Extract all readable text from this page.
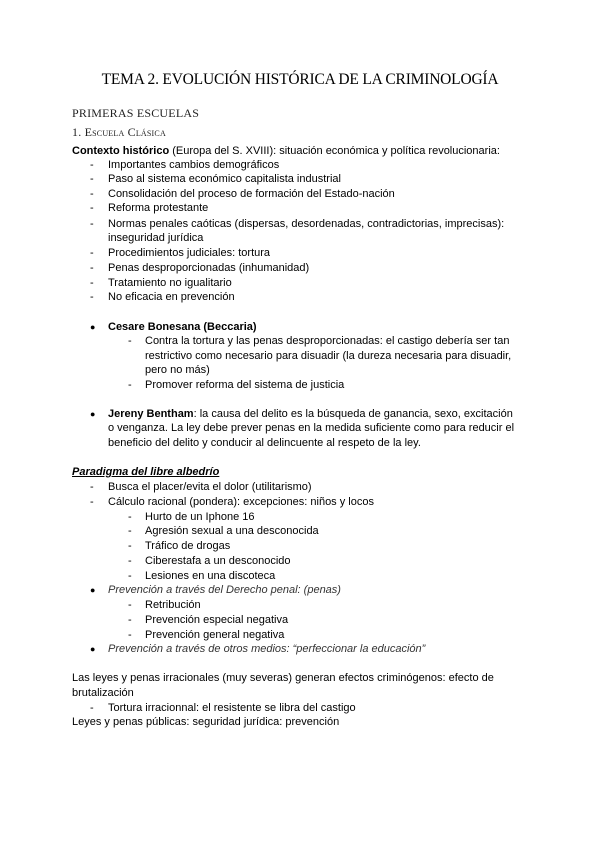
TEMA 2. EVOLUCIÓN HISTÓRICA DE LA CRIMINOLOGÍA
PRIMERAS ESCUELAS
1. Escuela Clásica
Contexto histórico (Europa del S. XVIII): situación económica y política revolucionaria:
- Importantes cambios demográficos
- Paso al sistema económico capitalista industrial
- Consolidación del proceso de formación del Estado-nación
- Reforma protestante
- Normas penales caóticas (dispersas, desordenadas, contradictorias, imprecisas):
inseguridad jurídica
- Procedimientos judiciales: tortura
- Penas desproporcionadas (inhumanidad)
- Tratamiento no igualitario
- No eficacia en prevención
● Cesare Bonesana (Beccaria)
- Contra la tortura y las penas desproporcionadas: el castigo debería ser tan
restrictivo como necesario para disuadir (la dureza necesaria para disuadir,
pero no más)
- Promover reforma del sistema de justicia
● Jereny Bentham: la causa del delito es la búsqueda de ganancia, sexo, excitación
o venganza. La ley debe prever penas en la medida suficiente como para reducir el
beneficio del delito y conducir al delincuente al respeto de la ley.
Paradigma del libre albedrío
- Busca el placer/evita el dolor (utilitarismo)
- Cálculo racional (pondera): excepciones: niños y locos
- Hurto de un Iphone 16
- Agresión sexual a una desconocida
- Tráfico de drogas
- Ciberestafa a un desconocido
- Lesiones en una discoteca
● Prevención a través del Derecho penal: (penas)
- Retribución
- Prevención especial negativa
- Prevención general negativa
● Prevención a través de otros medios: “perfeccionar la educación”
Las leyes y penas irracionales (muy severas) generan efectos criminógenos: efecto de
brutalización
- Tortura irracionnal: el resistente se libra del castigo
Leyes y penas públicas: seguridad jurídica: prevención
